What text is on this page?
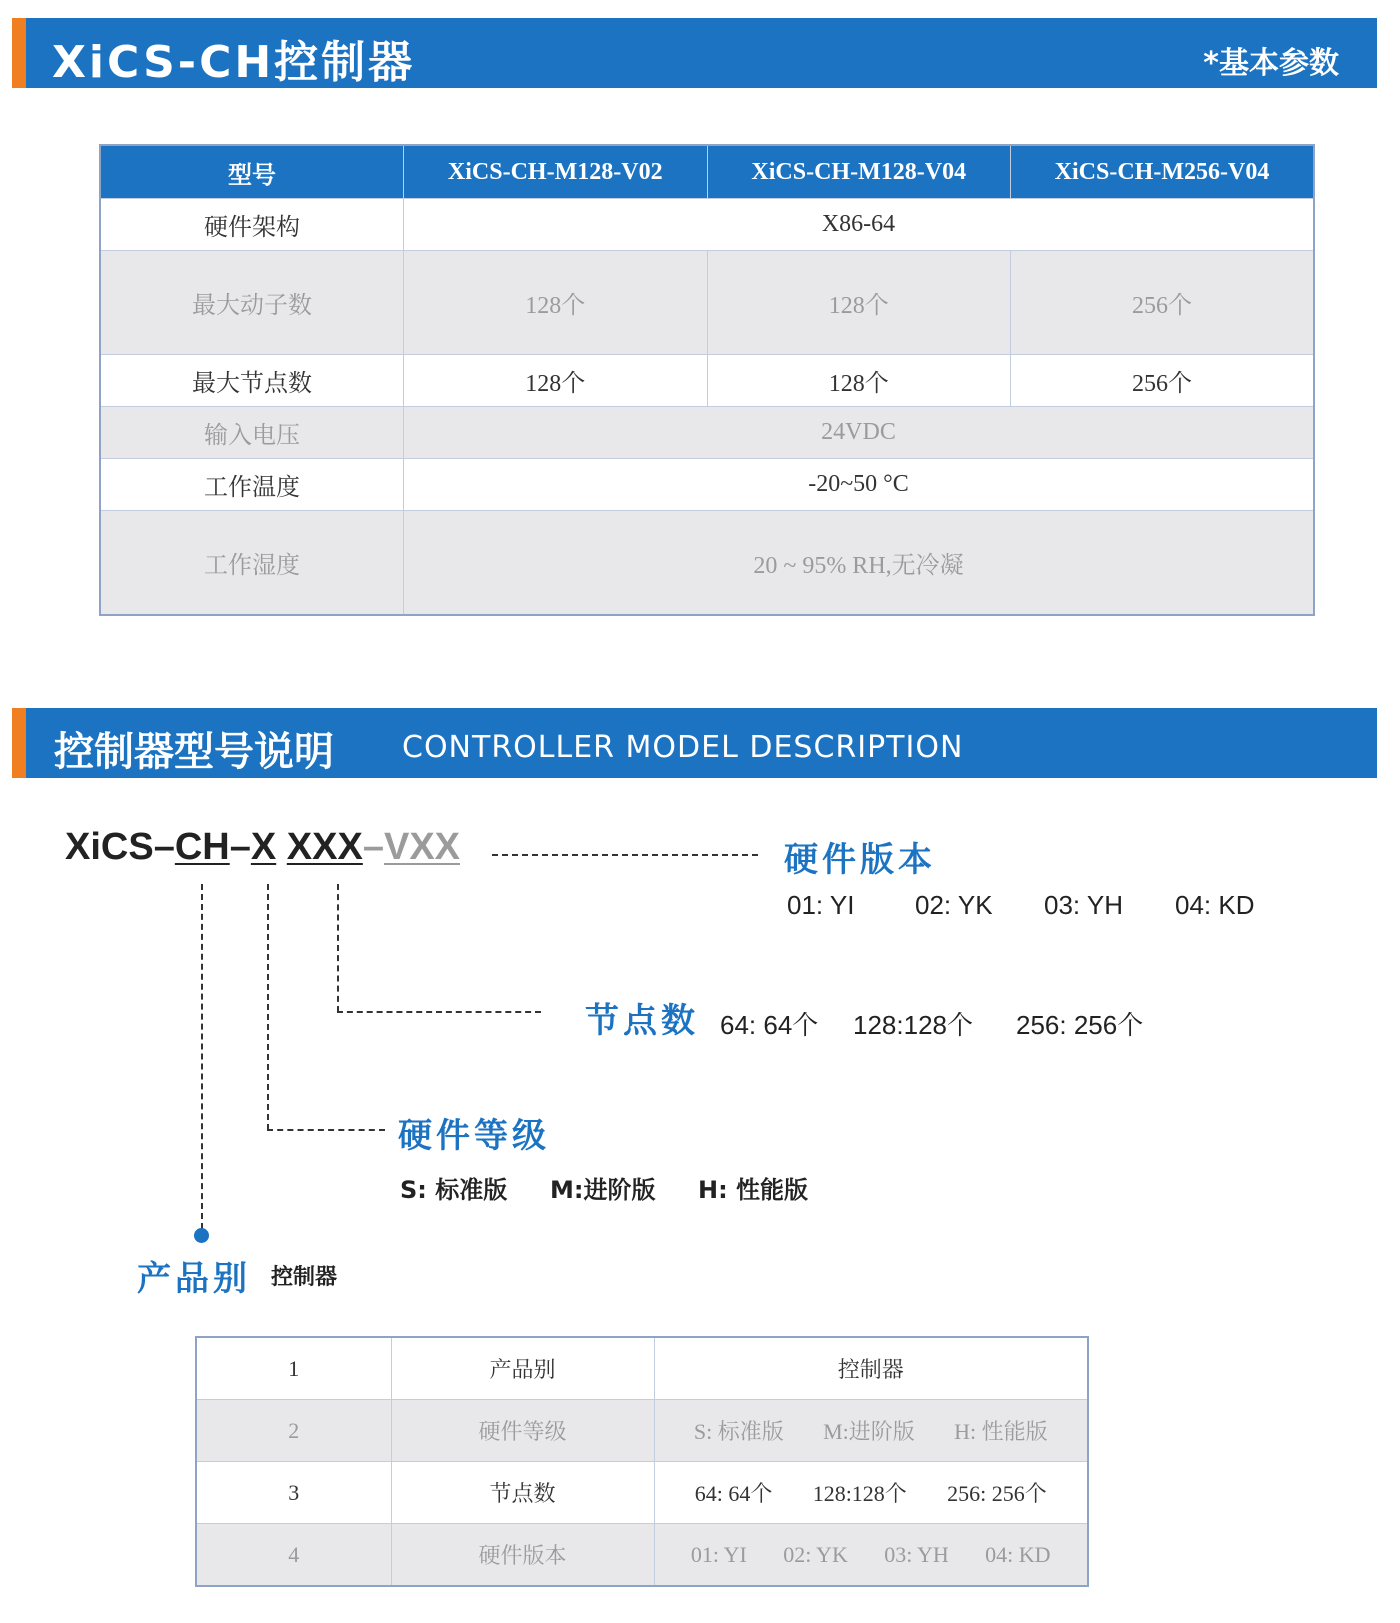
XiCS-CH控制器	*基本参数
型号	XiCS-CH-M128-V02	XiCS-CH-M128-V04	XiCS-CH-M256-V04
硬件架构	X86-64		
最大动子数	128个	128个	256个
最大节点数	128个	128个	256个
输入电压	24VDC		
工作温度	-20~50 °C		
工作湿度	20 ~ 95% RH,无冷凝		
控制器型号说明 CONTROLLER MODEL DESCRIPTION
XiCS–CH–X XXX–VXX	硬件版本
01: YI 02: YK 03: YH 04: KD
节点数 64: 64个 128:128个 256: 256个
硬件等级
S: 标准版 M:进阶版 H: 性能版
产品别 控制器
1	产品别	控制器

2	硬件等级	S: 标准版 M:进阶版 H: 性能版

3	节点数	64: 64个 128:128个 256: 256个

4	硬件版本	01: YI 02: YK 03: YH 04: KD
